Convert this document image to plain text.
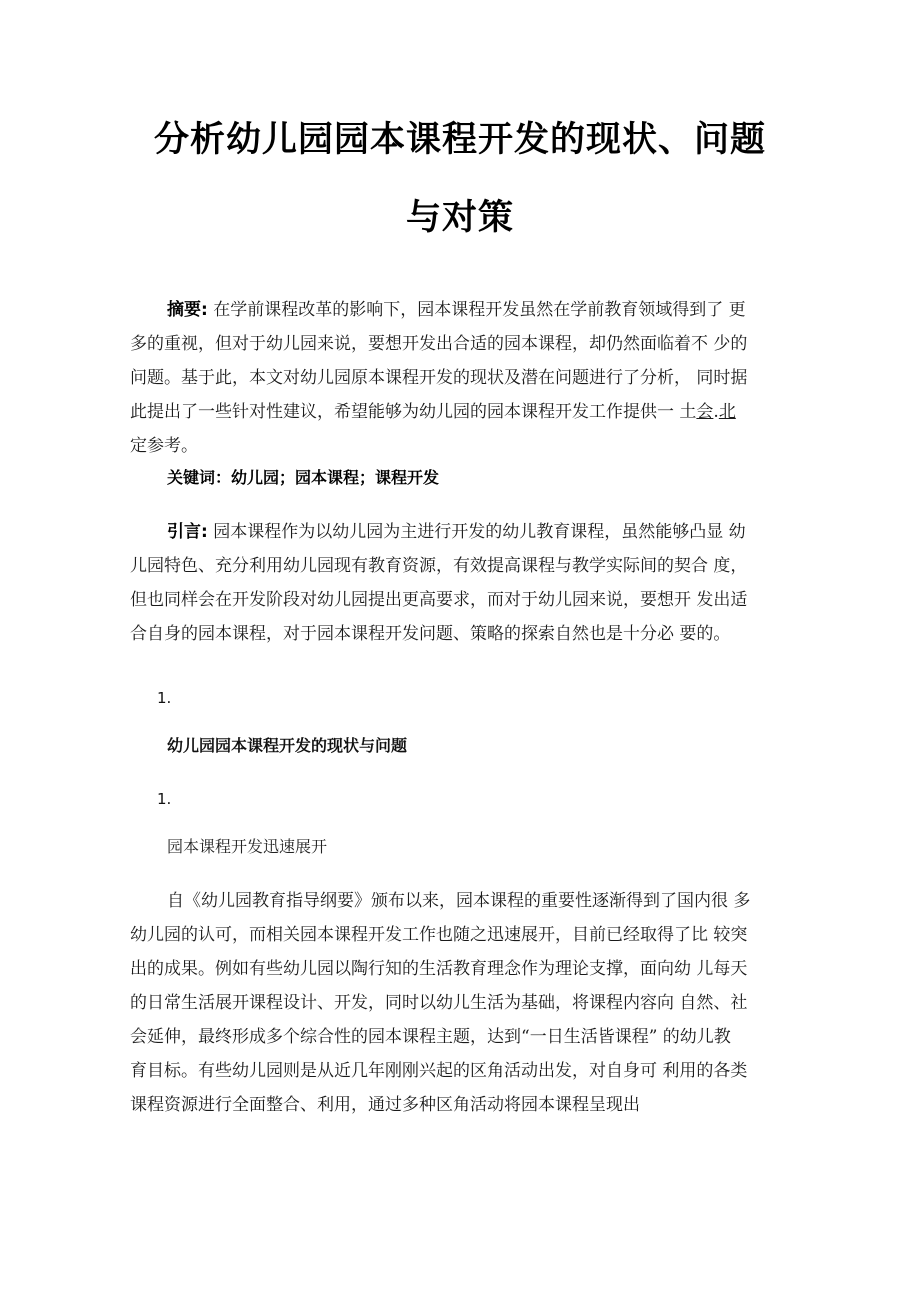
分析幼儿园园本课程开发的现状、问题
与对策
摘要: 在学前课程改革的影响下，园本课程开发虽然在学前教育领域得到了 更
多的重视，但对于幼儿园来说，要想开发出合适的园本课程，却仍然面临着不 少的
问题。基于此，本文对幼儿园原本课程开发的现状及潜在问题进行了分析， 同时据
此提出了一些针对性建议，希望能够为幼儿园的园本课程开发工作提供一 土会.北
定参考。
关键词：幼儿园；园本课程；课程开发
引言: 园本课程作为以幼儿园为主进行开发的幼儿教育课程，虽然能够凸显 幼
儿园特色、充分利用幼儿园现有教育资源，有效提高课程与教学实际间的契合 度，
但也同样会在开发阶段对幼儿园提出更高要求，而对于幼儿园来说，要想开 发出适
合自身的园本课程，对于园本课程开发问题、策略的探索自然也是十分必 要的。
1.
幼儿园园本课程开发的现状与问题
1.
园本课程开发迅速展开
自《幼儿园教育指导纲要》颁布以来，园本课程的重要性逐渐得到了国内很 多
幼儿园的认可，而相关园本课程开发工作也随之迅速展开，目前已经取得了比 较突
出的成果。例如有些幼儿园以陶行知的生活教育理念作为理论支撑，面向幼 儿每天
的日常生活展开课程设计、开发，同时以幼儿生活为基础，将课程内容向 自然、社
会延伸，最终形成多个综合性的园本课程主题，达到“一日生活皆课程” 的幼儿教
育目标。有些幼儿园则是从近几年刚刚兴起的区角活动出发，对自身可 利用的各类
课程资源进行全面整合、利用，通过多种区角活动将园本课程呈现出
